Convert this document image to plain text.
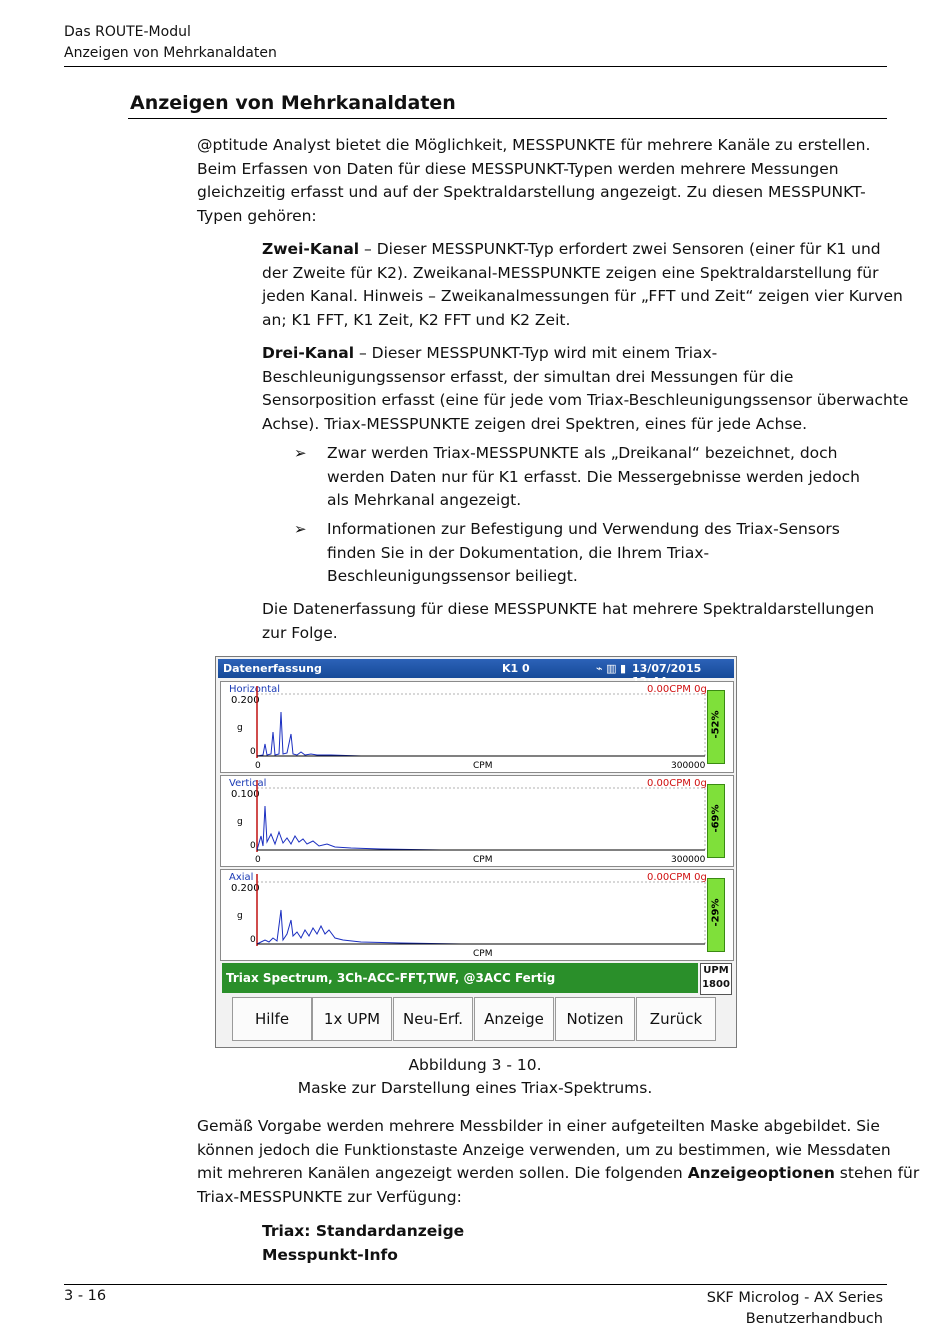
Das ROUTE-Modul
Anzeigen von Mehrkanaldaten
Anzeigen von Mehrkanaldaten
@ptitude Analyst bietet die Möglichkeit, MESSPUNKTE für mehrere Kanäle zu erstellen.
Beim Erfassen von Daten für diese MESSPUNKT-Typen werden mehrere Messungen
gleichzeitig erfasst und auf der Spektraldarstellung angezeigt. Zu diesen MESSPUNKT-
Typen gehören:
Zwei-Kanal – Dieser MESSPUNKT-Typ erfordert zwei Sensoren (einer für K1 und
der Zweite für K2). Zweikanal-MESSPUNKTE zeigen eine Spektraldarstellung für
jeden Kanal. Hinweis – Zweikanalmessungen für „FFT und Zeit“ zeigen vier Kurven
an; K1 FFT, K1 Zeit, K2 FFT und K2 Zeit.
Drei-Kanal – Dieser MESSPUNKT-Typ wird mit einem Triax-
Beschleunigungssensor erfasst, der simultan drei Messungen für die
Sensorposition erfasst (eine für jede vom Triax-Beschleunigungssensor überwachte
Achse). Triax-MESSPUNKTE zeigen drei Spektren, eines für jede Achse.
➢ Zwar werden Triax-MESSPUNKTE als „Dreikanal“ bezeichnet, doch
werden Daten nur für K1 erfasst. Die Messergebnisse werden jedoch
als Mehrkanal angezeigt.
➢ Informationen zur Befestigung und Verwendung des Triax-Sensors
finden Sie in der Dokumentation, die Ihrem Triax-
Beschleunigungssensor beiliegt.
Die Datenerfassung für diese MESSPUNKTE hat mehrere Spektraldarstellungen
zur Folge.
Datenerfassung	K1 0	⌁ ▥ ▮ 13/07/2015
Horizontal
0.200
0.00CPM 0g
g
0
0	CPM	300000
-52%
Vertical
0.100
0.00CPM 0g
g
0
0	CPM	300000
-69%
Axial
0.200
0.00CPM 0g
g
0
CPM
-29%
Triax Spectrum, 3Ch-ACC-FFT,TWF, @3ACC Fertig
UPM
1800
Hilfe	1x UPM	Neu-Erf.	Anzeige	Notizen	Zurück
Abbildung 3 - 10.
Maske zur Darstellung eines Triax-Spektrums.
Gemäß Vorgabe werden mehrere Messbilder in einer aufgeteilten Maske abgebildet. Sie
können jedoch die Funktionstaste Anzeige verwenden, um zu bestimmen, wie Messdaten
mit mehreren Kanälen angezeigt werden sollen. Die folgenden Anzeigeoptionen stehen für
Triax-MESSPUNKTE zur Verfügung:
Triax: Standardanzeige
Messpunkt-Info
3 - 16	SKF Microlog - AX Series
Benutzerhandbuch
